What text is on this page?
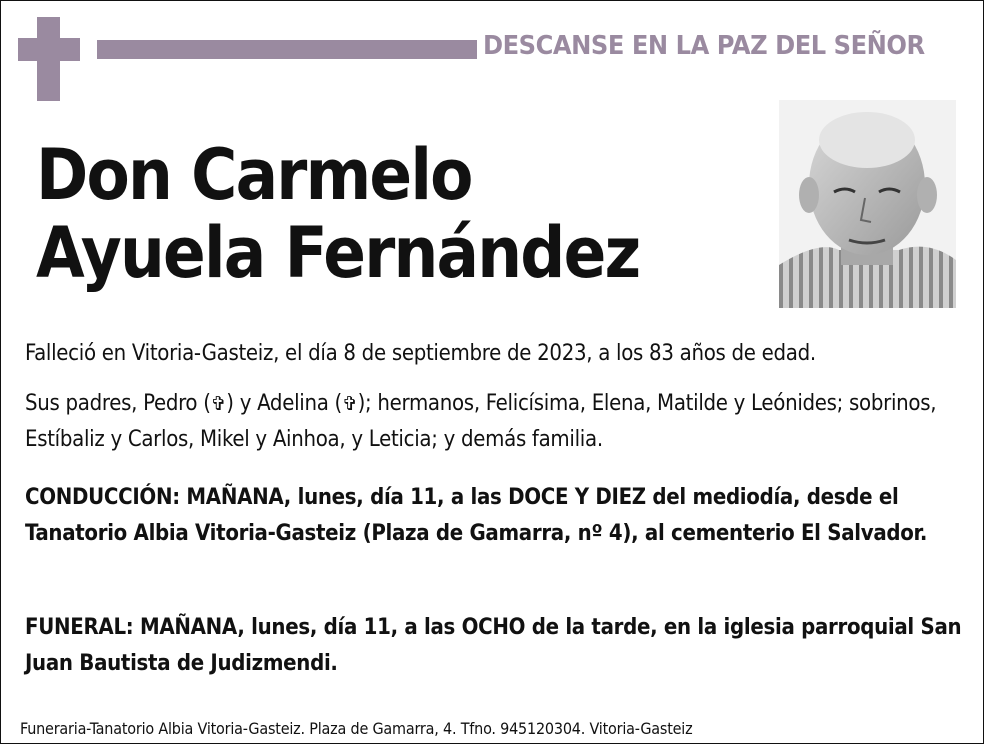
DESCANSE EN LA PAZ DEL SEÑOR
Don Carmelo
Ayuela Fernández
Falleció en Vitoria-Gasteiz, el día 8 de septiembre de 2023, a los 83 años de edad.
Sus padres, Pedro (✞) y Adelina (✞); hermanos, Felicísima, Elena, Matilde y Leónides; sobrinos, Estíbaliz y Carlos, Mikel y Ainhoa, y Leticia; y demás familia.
CONDUCCIÓN: MAÑANA, lunes, día 11, a las DOCE Y DIEZ del mediodía, desde el Tanatorio Albia Vitoria-Gasteiz (Plaza de Gamarra, nº 4), al cementerio El Salvador.
FUNERAL: MAÑANA, lunes, día 11, a las OCHO de la tarde, en la iglesia parroquial San Juan Bautista de Judizmendi.
Funeraria-Tanatorio Albia Vitoria-Gasteiz. Plaza de Gamarra, 4. Tfno. 945120304. Vitoria-Gasteiz
